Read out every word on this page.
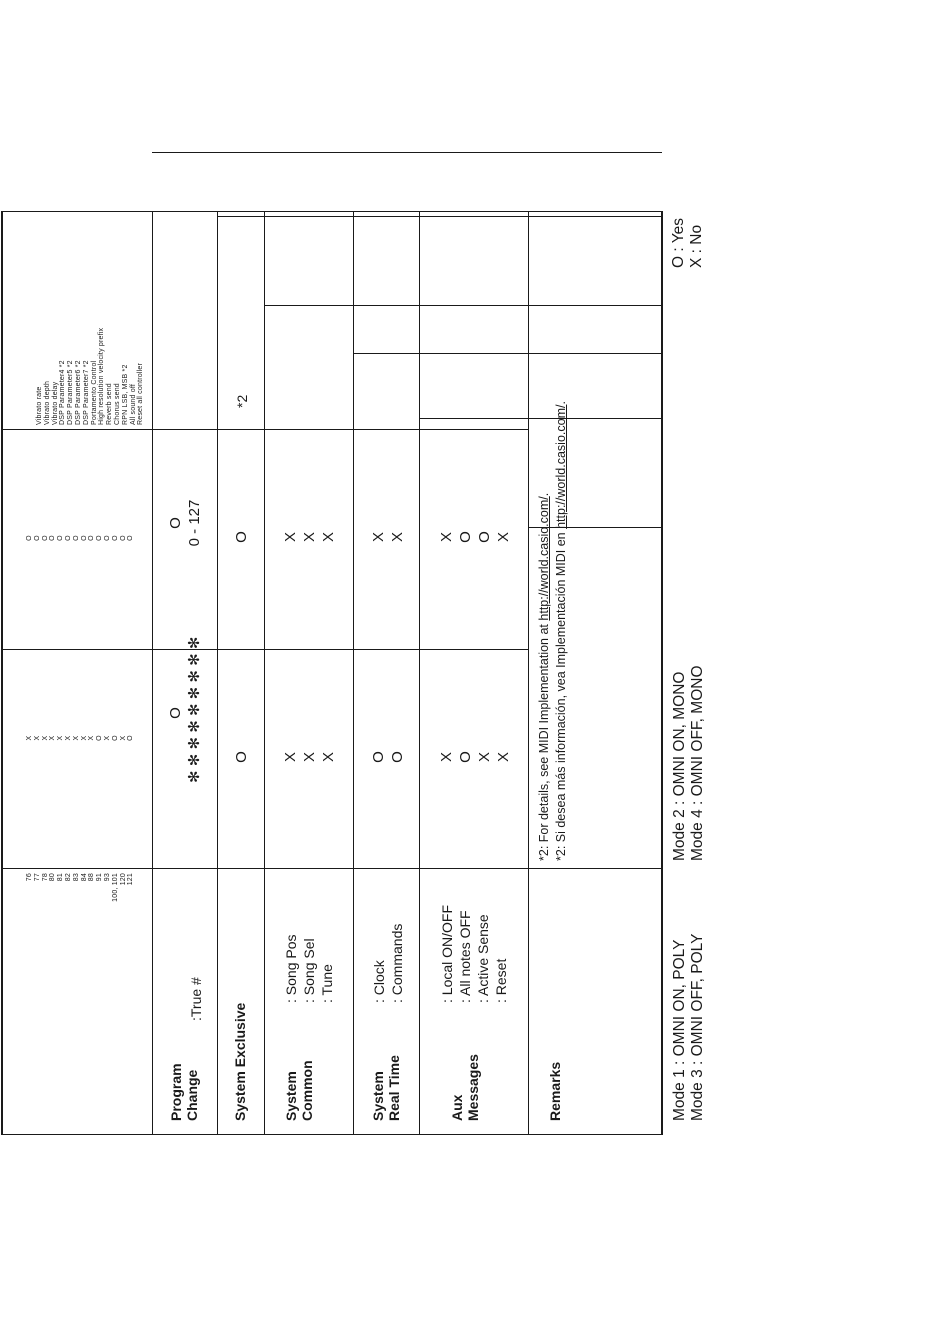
76 77 78 80 81 82 83 84 88 91 93 100, 101 120 121
X X X X X X X X X O X O X O
O O O O O O O O O O O O O O
Vibrato rate Vibrato depth Vibrato delay DSP Parameter4 *2 DSP Parameter5 *2 DSP Parameter6 *2 DSP Parameter7 *2 Portamento Control High resolution velocity prefix Reverb send Chorus send RPN LSB, MSB *2 All sound off Reset all controller
Program Change
:True #
O ✻ ✻ ✻ ✻ ✻ ✻ ✻ ✻ ✻
O 0 - 127
System Exclusive
O
O
*2
System Common
: Song Pos : Song Sel : Tune
X X X
X X X
System Real Time
: Clock : Commands
O O
X X
Aux Messages
: Local ON/OFF : All notes OFF : Active Sense : Reset
X O X X
X O O X
Remarks
*2: For details, see MIDI Implementation at http://world.casio.com/.
*2: Si desea más información, vea Implementación MIDI en http://world.casio.com/.
Mode 1 : OMNI ON, POLY Mode 3 : OMNI OFF, POLY
Mode 2 : OMNI ON, MONO Mode 4 : OMNI OFF, MONO
O : Yes X : No
